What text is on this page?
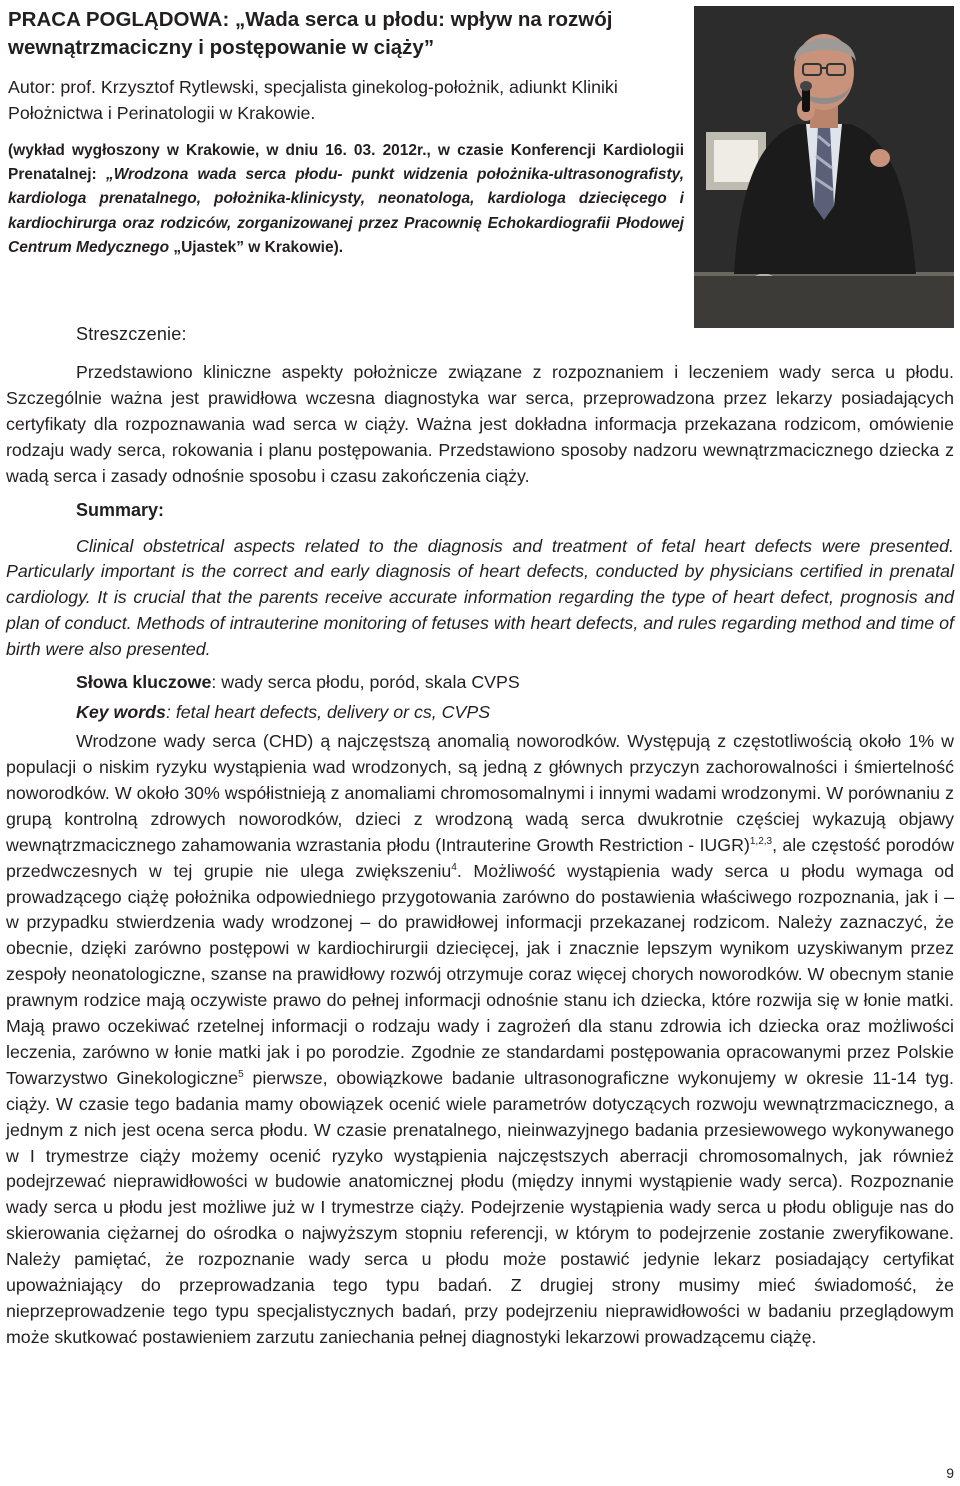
PRACA POGLĄDOWA: „Wada serca u płodu: wpływ na rozwój wewnątrzmaciczny i postępowanie w ciąży”

Autor: prof. Krzysztof Rytlewski, specjalista ginekolog-położnik, adiunkt Kliniki Położnictwa i Perinatologii w Krakowie.

(wykład wygłoszony w Krakowie, w dniu 16. 03. 2012r., w czasie Konferencji Kardiologii Prenatalnej: „Wrodzona wada serca płodu- punkt widzenia położnika-ultrasonografisty, kardiologa prenatalnego, położnika-klinicysty, neonatologa, kardiologa dziecięcego i kardiochirurga oraz rodziców, zorganizowanej przez Pracownię Echokardiografii Płodowej Centrum Medycznego „Ujastek” w Krakowie).

Streszczenie:

Przedstawiono kliniczne aspekty położnicze związane z rozpoznaniem i leczeniem wady serca u płodu. Szczególnie ważna jest prawidłowa wczesna diagnostyka war serca, przeprowadzona przez lekarzy posiadających certyfikaty dla rozpoznawania wad serca w ciąży. Ważna jest dokładna informacja przekazana rodzicom, omówienie rodzaju wady serca, rokowania i planu postępowania. Przedstawiono sposoby nadzoru wewnątrzmacicznego dziecka z wadą serca i zasady odnośnie sposobu i czasu zakończenia ciąży.

Summary:

Clinical obstetrical aspects related to the diagnosis and treatment of fetal heart defects were presented. Particularly important is the correct and early diagnosis of heart defects, conducted by physicians certified in prenatal cardiology. It is crucial that the parents receive accurate information regarding the type of heart defect, prognosis and plan of conduct. Methods of intrauterine monitoring of fetuses with heart defects, and rules regarding method and time of birth were also presented.

Słowa kluczowe: wady serca płodu, poród, skala CVPS

Key words: fetal heart defects, delivery or cs, CVPS

Wrodzone wady serca (CHD) ą najczęstszą anomalią noworodków. Występują z częstotliwością około 1% w populacji o niskim ryzyku wystąpienia wad wrodzonych, są jedną z głównych przyczyn zachorowalności i śmiertelność noworodków. W około 30% współistnieją z anomaliami chromosomalnymi i innymi wadami wrodzonymi. W porównaniu z grupą kontrolną zdrowych noworodków, dzieci z wrodzoną wadą serca dwukrotnie częściej wykazują objawy wewnątrzmacicznego zahamowania wzrastania płodu (Intrauterine Growth Restriction - IUGR)$^{1,2,3}$, ale częstość porodów przedwczesnych w tej grupie nie ulega zwiększeniu$^4$. Możliwość wystąpienia wady serca u płodu wymaga od prowadzącego ciążę położnika odpowiedniego przygotowania zarówno do postawienia właściwego rozpoznania, jak i – w przypadku stwierdzenia wady wrodzonej – do prawidłowej informacji przekazanej rodzicom. Należy zaznaczyć, że obecnie, dzięki zarówno postępowi w kardiochirurgii dziecięcej, jak i znacznie lepszym wynikom uzyskiwanym przez zespoły neonatologiczne, szanse na prawidłowy rozwój otrzymuje coraz więcej chorych noworodków. W obecnym stanie prawnym rodzice mają oczywiste prawo do pełnej informacji odnośnie stanu ich dziecka, które rozwija się w łonie matki. Mają prawo oczekiwać rzetelnej informacji o rodzaju wady i zagrożeń dla stanu zdrowia ich dziecka oraz możliwości leczenia, zarówno w łonie matki jak i po porodzie. Zgodnie ze standardami postępowania opracowanymi przez Polskie Towarzystwo Ginekologiczne$^5$ pierwsze, obowiązkowe badanie ultrasonograficzne wykonujemy w okresie 11-14 tyg. ciąży. W czasie tego badania mamy obowiązek ocenić wiele parametrów dotyczących rozwoju wewnątrzmacicznego, a jednym z nich jest ocena serca płodu. W czasie prenatalnego, nieinwazyjnego badania przesiewowego wykonywanego w I trymestrze ciąży możemy ocenić ryzyko wystąpienia najczęstszych aberracji chromosomalnych, jak również podejrzewać nieprawidłowości w budowie anatomicznej płodu (między innymi wystąpienie wady serca). Rozpoznanie wady serca u płodu jest możliwe już w I trymestrze ciąży. Podejrzenie wystąpienia wady serca u płodu obliguje nas do skierowania ciężarnej do ośrodka o najwyższym stopniu referencji, w którym to podejrzenie zostanie zweryfikowane. Należy pamiętać, że rozpoznanie wady serca u płodu może postawić jedynie lekarz posiadający certyfikat upoważniający do przeprowadzania tego typu badań. Z drugiej strony musimy mieć świadomość, że nieprzeprowadzenie tego typu specjalistycznych badań, przy podejrzeniu nieprawidłowości w badaniu przeglądowym może skutkować postawieniem zarzutu zaniechania pełnej diagnostyki lekarzowi prowadzącemu ciążę.

9
